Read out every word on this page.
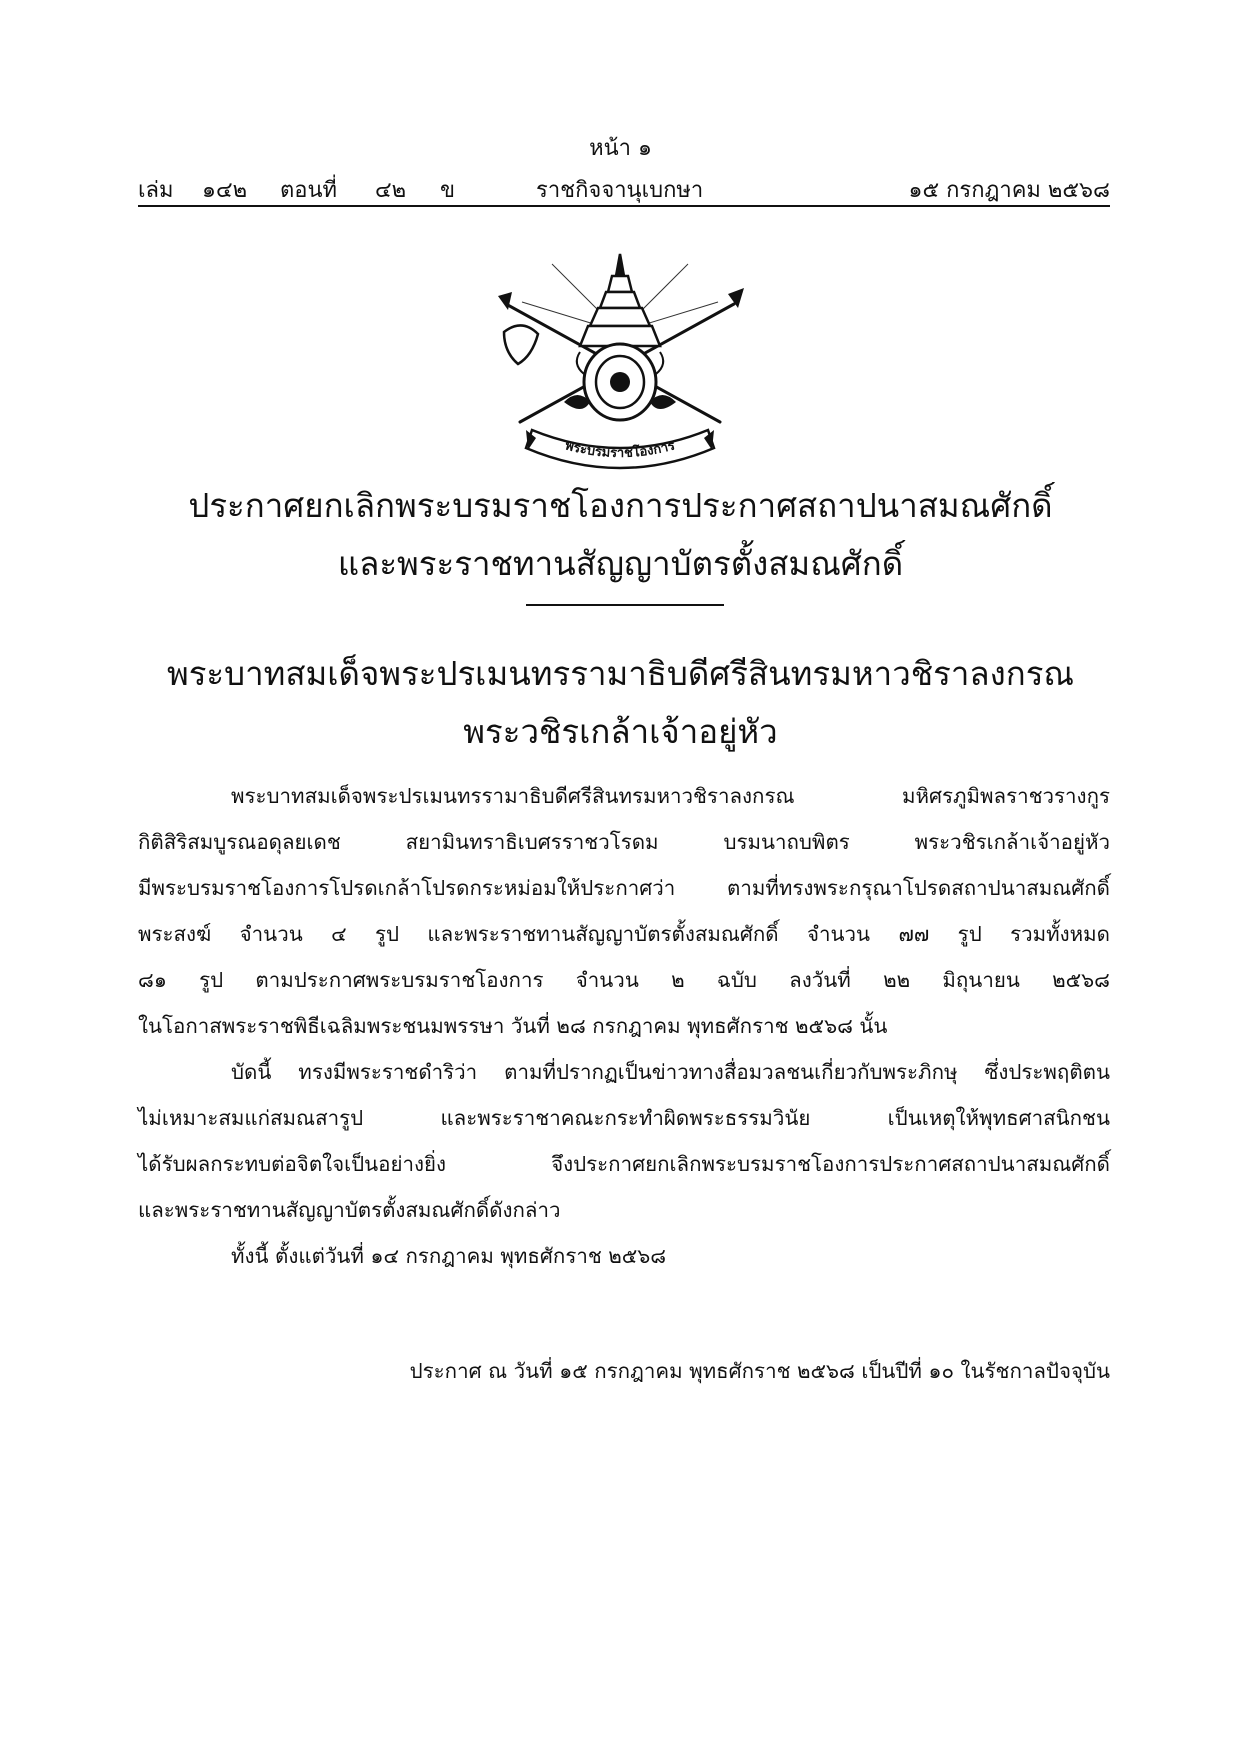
หน้า ๑
เล่ม ๑๔๒ ตอนที่ ๔๒ ข	ราชกิจจานุเบกษา	๑๕ กรกฎาคม ๒๕๖๘
พระบรมราชโองการ
ประกาศยกเลิกพระบรมราชโองการประกาศสถาปนาสมณศักดิ์
และพระราชทานสัญญาบัตรตั้งสมณศักดิ์
พระบาทสมเด็จพระปรเมนทรรามาธิบดีศรีสินทรมหาวชิราลงกรณ
พระวชิรเกล้าเจ้าอยู่หัว
พระบาทสมเด็จพระปรเมนทรรามาธิบดีศรีสินทรมหาวชิราลงกรณ มหิศรภูมิพลราชวรางกูร
กิติสิริสมบูรณอดุลยเดช สยามินทราธิเบศรราชวโรดม บรมนาถบพิตร พระวชิรเกล้าเจ้าอยู่หัว
มีพระบรมราชโองการโปรดเกล้าโปรดกระหม่อมให้ประกาศว่า ตามที่ทรงพระกรุณาโปรดสถาปนาสมณศักดิ์
พระสงฆ์ จำนวน ๔ รูป และพระราชทานสัญญาบัตรตั้งสมณศักดิ์ จำนวน ๗๗ รูป รวมทั้งหมด
๘๑ รูป ตามประกาศพระบรมราชโองการ จำนวน ๒ ฉบับ ลงวันที่ ๒๒ มิถุนายน ๒๕๖๘
ในโอกาสพระราชพิธีเฉลิมพระชนมพรรษา วันที่ ๒๘ กรกฎาคม พุทธศักราช ๒๕๖๘ นั้น
บัดนี้ ทรงมีพระราชดำริว่า ตามที่ปรากฏเป็นข่าวทางสื่อมวลชนเกี่ยวกับพระภิกษุ ซึ่งประพฤติตน
ไม่เหมาะสมแก่สมณสารูป และพระราชาคณะกระทำผิดพระธรรมวินัย เป็นเหตุให้พุทธศาสนิกชน
ได้รับผลกระทบต่อจิตใจเป็นอย่างยิ่ง จึงประกาศยกเลิกพระบรมราชโองการประกาศสถาปนาสมณศักดิ์
และพระราชทานสัญญาบัตรตั้งสมณศักดิ์ดังกล่าว
ทั้งนี้ ตั้งแต่วันที่ ๑๔ กรกฎาคม พุทธศักราช ๒๕๖๘
ประกาศ ณ วันที่ ๑๕ กรกฎาคม พุทธศักราช ๒๕๖๘ เป็นปีที่ ๑๐ ในรัชกาลปัจจุบัน
